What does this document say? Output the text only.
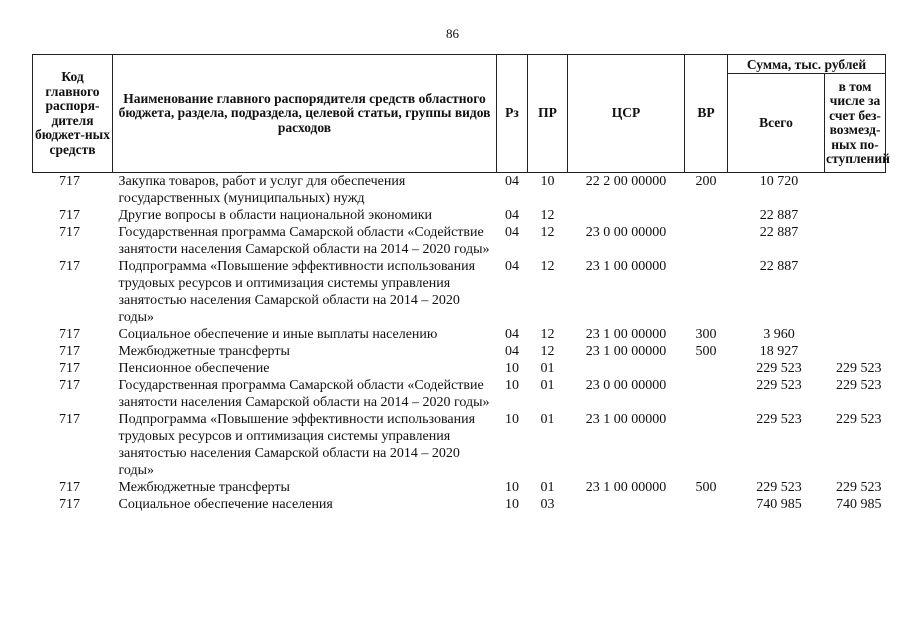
86
Код главного распоря-дителя бюджет-ных средств	Наименование главного распорядителя средств областного бюджета, раздела, подраздела, целевой статьи, группы видов расходов	Рз	ПР	ЦСР	ВР	Сумма, тыс. рублей	
						Всего	в том числе за счет без-возмезд-ных по-ступлений
717	Закупка товаров, работ и услуг для обеспечения государственных (муниципальных) нужд	04	10	22 2 00 00000	200	10 720	
717	Другие вопросы в области национальной экономики	04	12			22 887	
717	Государственная программа Самарской области «Содействие занятости населения Самарской области на 2014 – 2020 годы»	04	12	23 0 00 00000		22 887	
717	Подпрограмма «Повышение эффективности использования трудовых ресурсов и оптимизация системы управления занятостью населения Самарской области на 2014 – 2020 годы»	04	12	23 1 00 00000		22 887	
717	Социальное обеспечение и иные выплаты населению	04	12	23 1 00 00000	300	3 960	
717	Межбюджетные трансферты	04	12	23 1 00 00000	500	18 927	
717	Пенсионное обеспечение	10	01			229 523	229 523
717	Государственная программа Самарской области «Содействие занятости населения Самарской области на 2014 – 2020 годы»	10	01	23 0 00 00000		229 523	229 523
717	Подпрограмма «Повышение эффективности использования трудовых ресурсов и оптимизация системы управления занятостью населения Самарской области на 2014 – 2020 годы»	10	01	23 1 00 00000		229 523	229 523
717	Межбюджетные трансферты	10	01	23 1 00 00000	500	229 523	229 523
717	Социальное обеспечение населения	10	03			740 985	740 985
